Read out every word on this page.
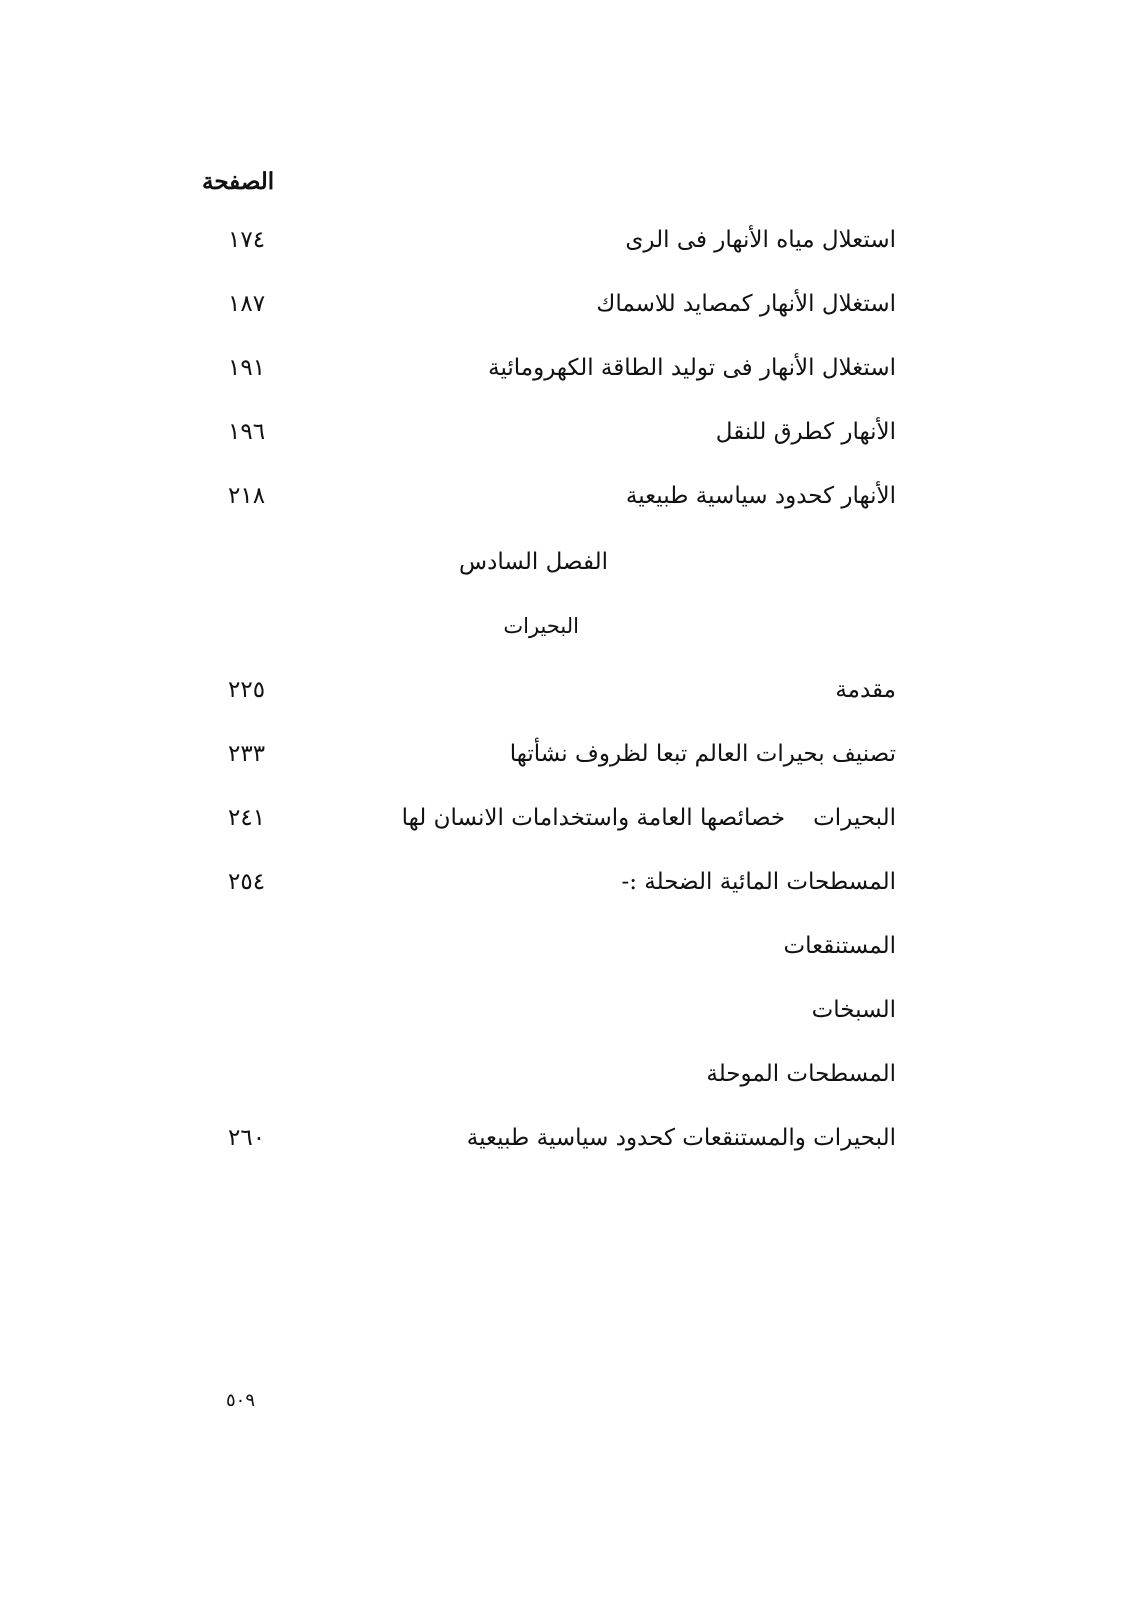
الصفحة
استعلال مياه الأنهار فى الرى
١٧٤
استغلال الأنهار كمصايد للاسماك
١٨٧
استغلال الأنهار فى توليد الطاقة الكهرومائية
١٩١
الأنهار كطرق للنقل
١٩٦
الأنهار كحدود سياسية طبيعية
٢١٨
الفصل السادس
البحيرات
مقدمة
٢٢٥
تصنيف بحيرات العالم تبعا لظروف نشأتها
٢٣٣
البحيراتخصائصها العامة واستخدامات الانسان لها
٢٤١
المسطحات المائية الضحلة :-
٢٥٤
المستنقعات
السبخات
المسطحات الموحلة
البحيرات والمستنقعات كحدود سياسية طبيعية
٢٦٠
٥٠٩
